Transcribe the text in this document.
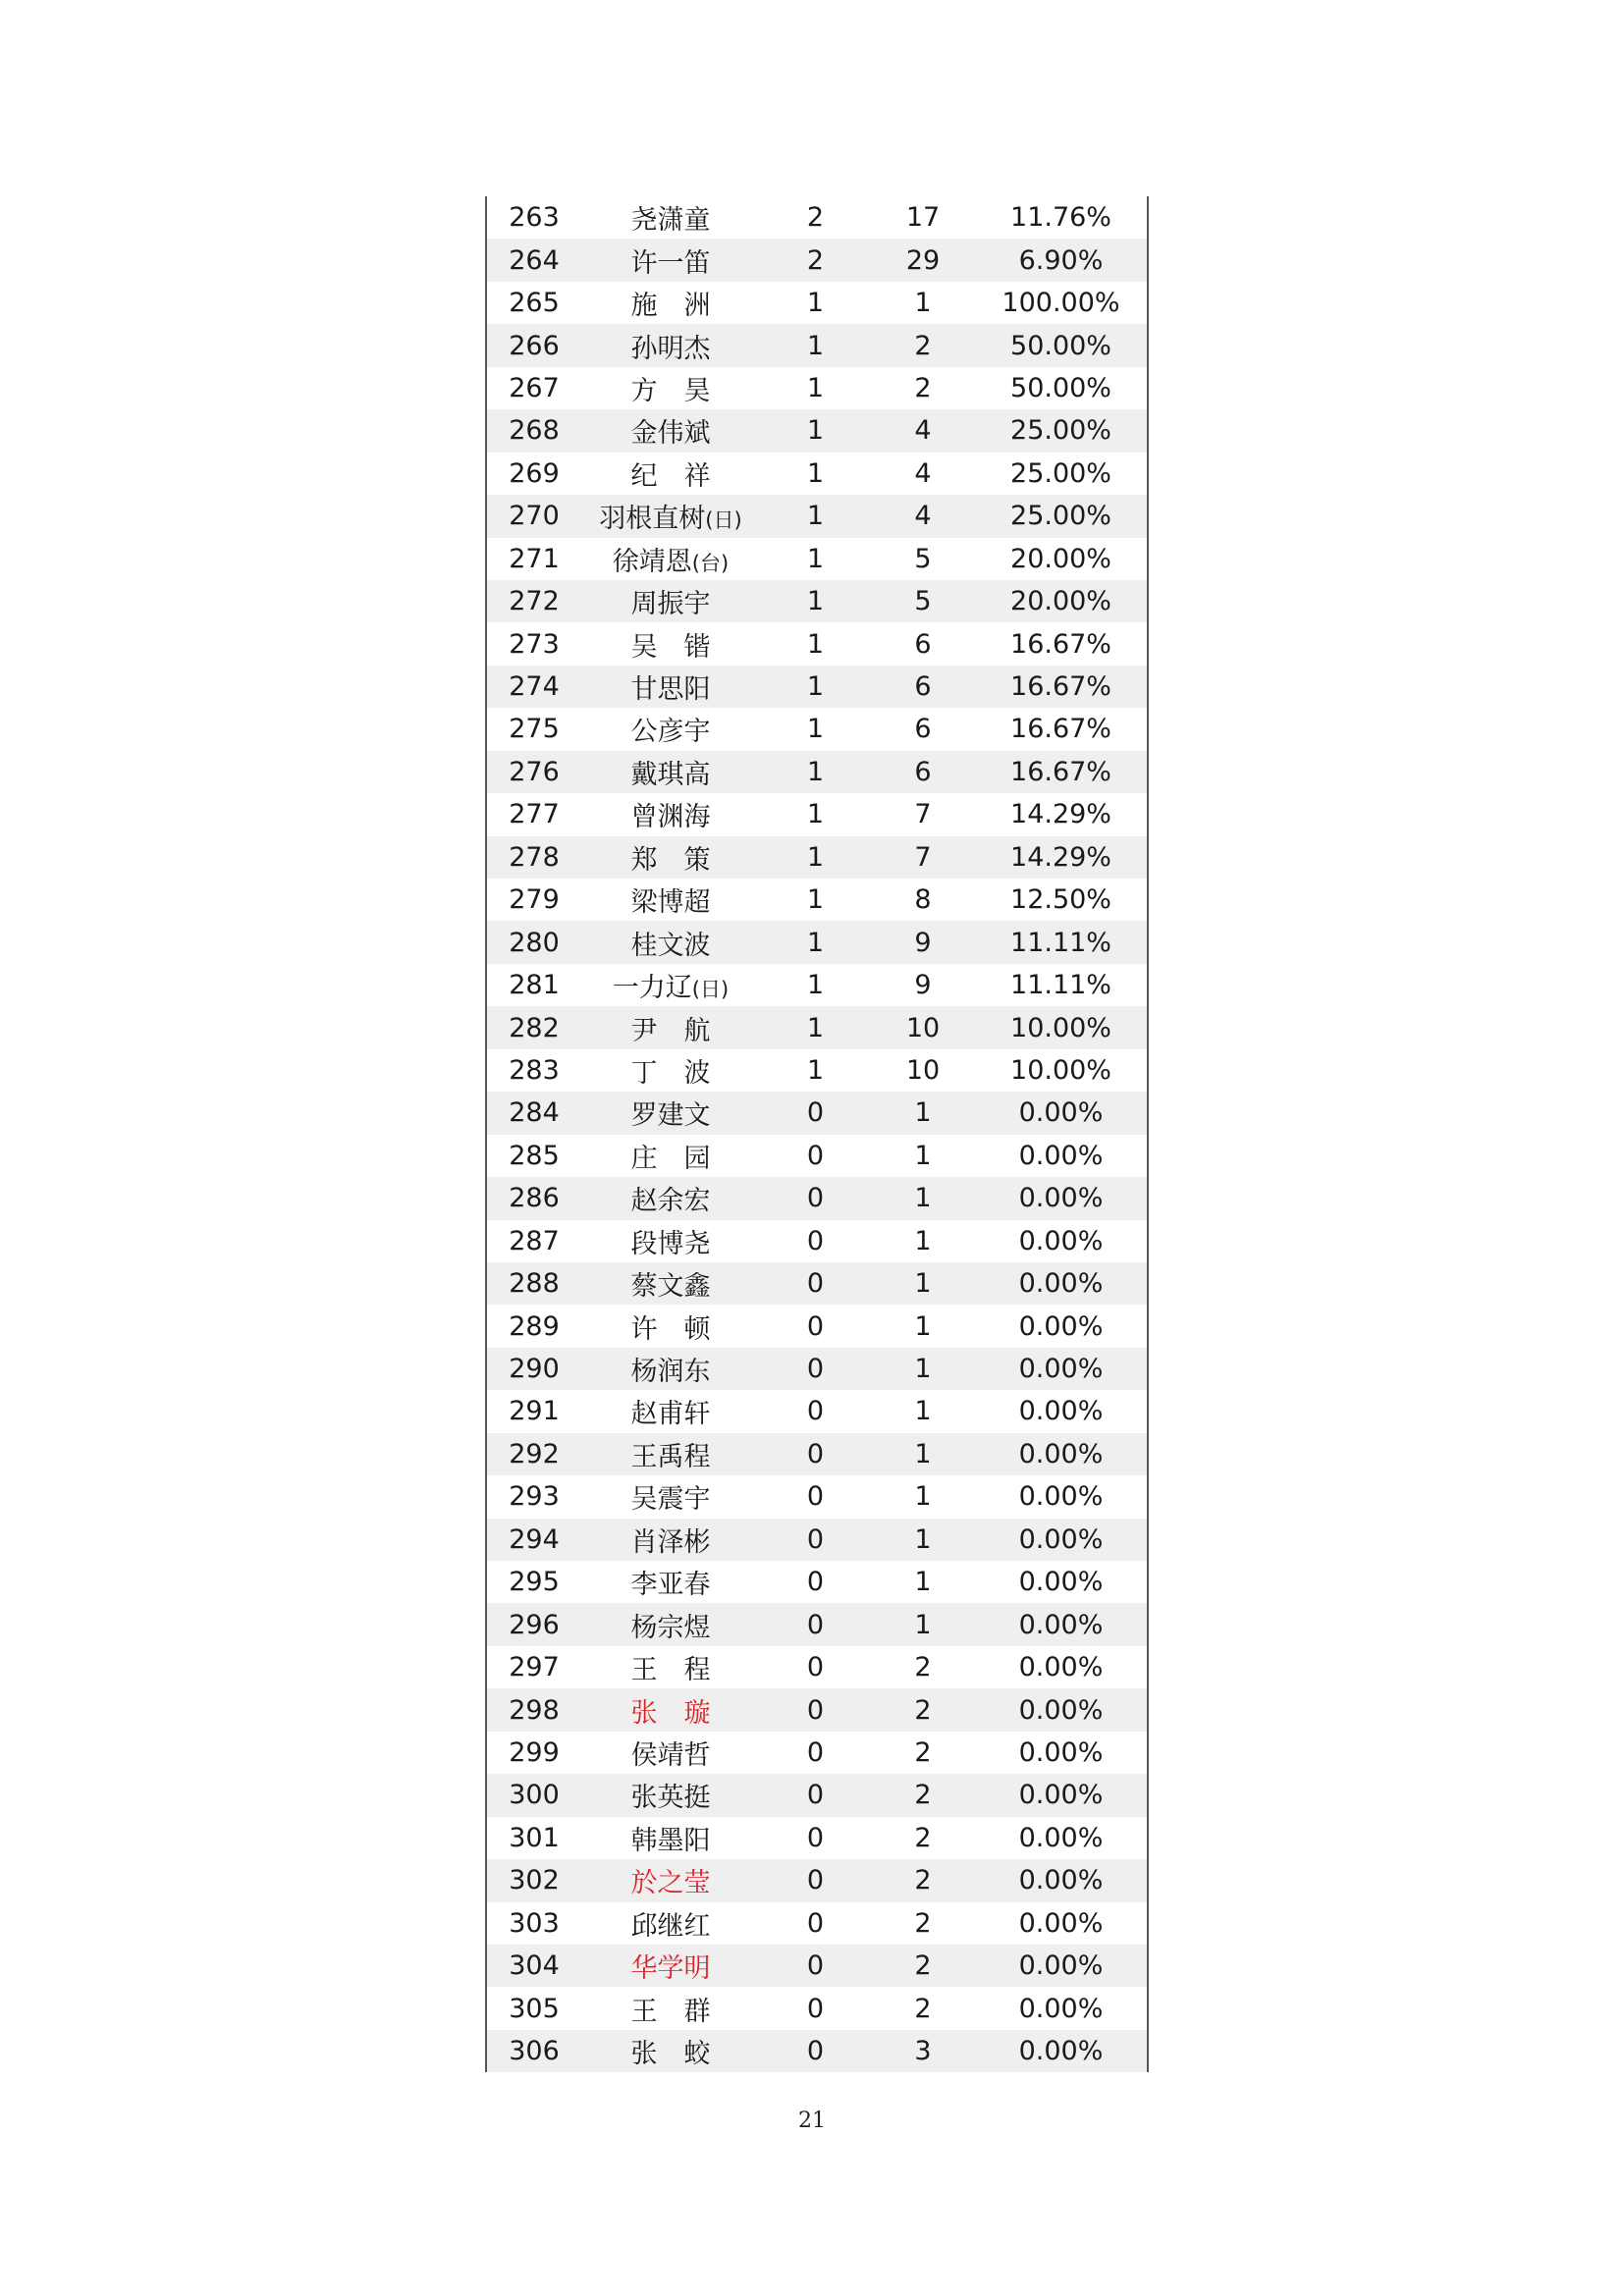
263	尧潇童	2	17	11.76%
264	许一笛	2	29	6.90%
265	施　洲	1	1	100.00%
266	孙明杰	1	2	50.00%
267	方　昊	1	2	50.00%
268	金伟斌	1	4	25.00%
269	纪　祥	1	4	25.00%
270	羽根直树(日)	1	4	25.00%
271	徐靖恩(台)	1	5	20.00%
272	周振宇	1	5	20.00%
273	吴　锴	1	6	16.67%
274	甘思阳	1	6	16.67%
275	公彦宇	1	6	16.67%
276	戴琪高	1	6	16.67%
277	曾渊海	1	7	14.29%
278	郑　策	1	7	14.29%
279	梁博超	1	8	12.50%
280	桂文波	1	9	11.11%
281	一力辽(日)	1	9	11.11%
282	尹　航	1	10	10.00%
283	丁　波	1	10	10.00%
284	罗建文	0	1	0.00%
285	庄　园	0	1	0.00%
286	赵余宏	0	1	0.00%
287	段博尧	0	1	0.00%
288	蔡文鑫	0	1	0.00%
289	许　顿	0	1	0.00%
290	杨润东	0	1	0.00%
291	赵甫轩	0	1	0.00%
292	王禹程	0	1	0.00%
293	吴震宇	0	1	0.00%
294	肖泽彬	0	1	0.00%
295	李亚春	0	1	0.00%
296	杨宗煜	0	1	0.00%
297	王　程	0	2	0.00%
298	张　璇	0	2	0.00%
299	侯靖哲	0	2	0.00%
300	张英挺	0	2	0.00%
301	韩墨阳	0	2	0.00%
302	於之莹	0	2	0.00%
303	邱继红	0	2	0.00%
304	华学明	0	2	0.00%
305	王　群	0	2	0.00%
306	张　蛟	0	3	0.00%
21
